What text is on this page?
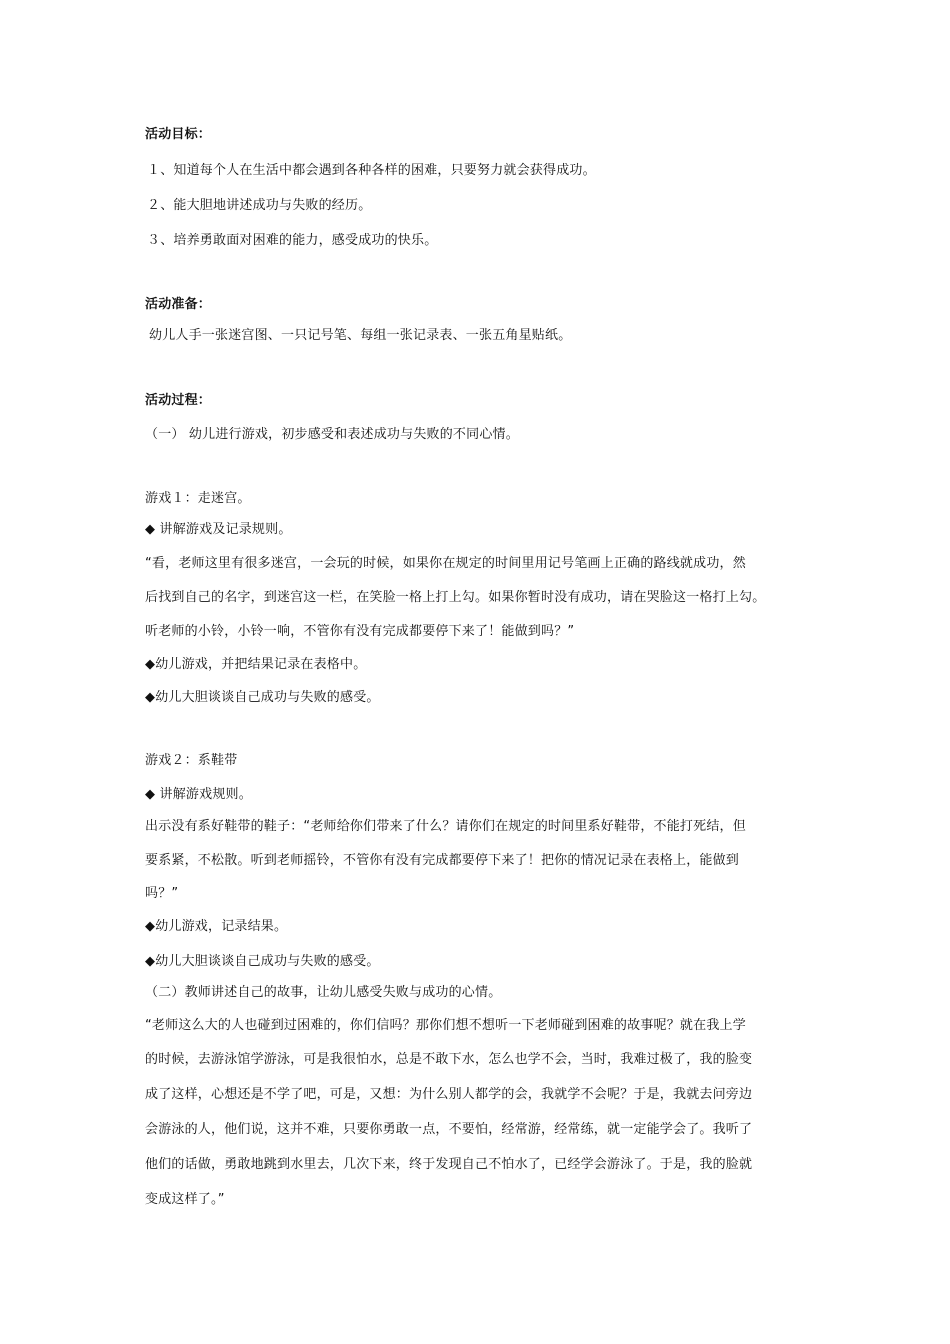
活动目标：
１、知道每个人在生活中都会遇到各种各样的困难，只要努力就会获得成功。
２、能大胆地讲述成功与失败的经历。
３、培养勇敢面对困难的能力，感受成功的快乐。
活动准备：
幼儿人手一张迷宫图、一只记号笔、每组一张记录表、一张五角星贴纸。
活动过程：
（一） 幼儿进行游戏，初步感受和表述成功与失败的不同心情。
游戏１：走迷宫。
◆ 讲解游戏及记录规则。
“看，老师这里有很多迷宫，一会玩的时候，如果你在规定的时间里用记号笔画上正确的路线就成功，然
后找到自己的名字，到迷宫这一栏，在笑脸一格上打上勾。如果你暂时没有成功，请在哭脸这一格打上勾。
听老师的小铃，小铃一响，不管你有没有完成都要停下来了！能做到吗？”
◆幼儿游戏，并把结果记录在表格中。
◆幼儿大胆谈谈自己成功与失败的感受。
游戏２：系鞋带
◆ 讲解游戏规则。
出示没有系好鞋带的鞋子：“老师给你们带来了什么？请你们在规定的时间里系好鞋带，不能打死结，但
要系紧，不松散。听到老师摇铃，不管你有没有完成都要停下来了！把你的情况记录在表格上，能做到
吗？”
◆幼儿游戏，记录结果。
◆幼儿大胆谈谈自己成功与失败的感受。
（二）教师讲述自己的故事，让幼儿感受失败与成功的心情。
“老师这么大的人也碰到过困难的，你们信吗？那你们想不想听一下老师碰到困难的故事呢？就在我上学
的时候，去游泳馆学游泳，可是我很怕水，总是不敢下水，怎么也学不会，当时，我难过极了，我的脸变
成了这样，心想还是不学了吧，可是，又想：为什么别人都学的会，我就学不会呢？于是，我就去问旁边
会游泳的人，他们说，这并不难，只要你勇敢一点，不要怕，经常游，经常练，就一定能学会了。我听了
他们的话做，勇敢地跳到水里去，几次下来，终于发现自己不怕水了，已经学会游泳了。于是，我的脸就
变成这样了。”
